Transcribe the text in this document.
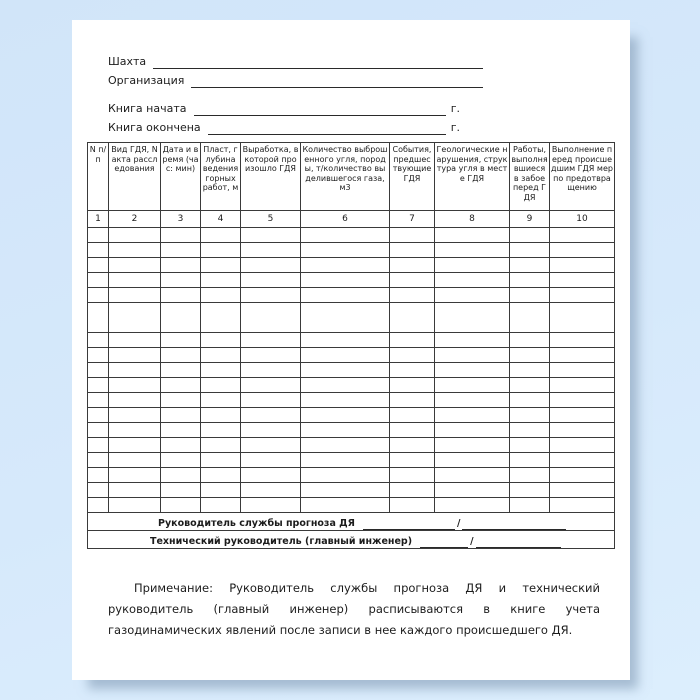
Шахта
Организация
Книга начата	г.
Книга окончена	г.
N п/п	Вид ГДЯ, N акта расследования	Дата и время (час: мин)	Пласт, глубина ведения горных работ, м	Выработка, в которой произошло ГДЯ	Количество выброшенного угля, породы, т/количество выделившегося газа, м3	События, предшествующие ГДЯ	Геологические нарушения, структура угля в месте ГДЯ	Работы, выполнявшиеся в забое перед ГДЯ	Выполнение перед происшедшим ГДЯ мер по предотвращению
1	2	3	4	5	6	7	8	9	10

Руководитель службы прогноза ДЯ /									

Технический руководитель (главный инженер) /									

Примечание: Руководитель службы прогноза ДЯ и технический руководитель (главный инженер) расписываются в книге учета газодинамических явлений после записи в нее каждого происшедшего ДЯ.
